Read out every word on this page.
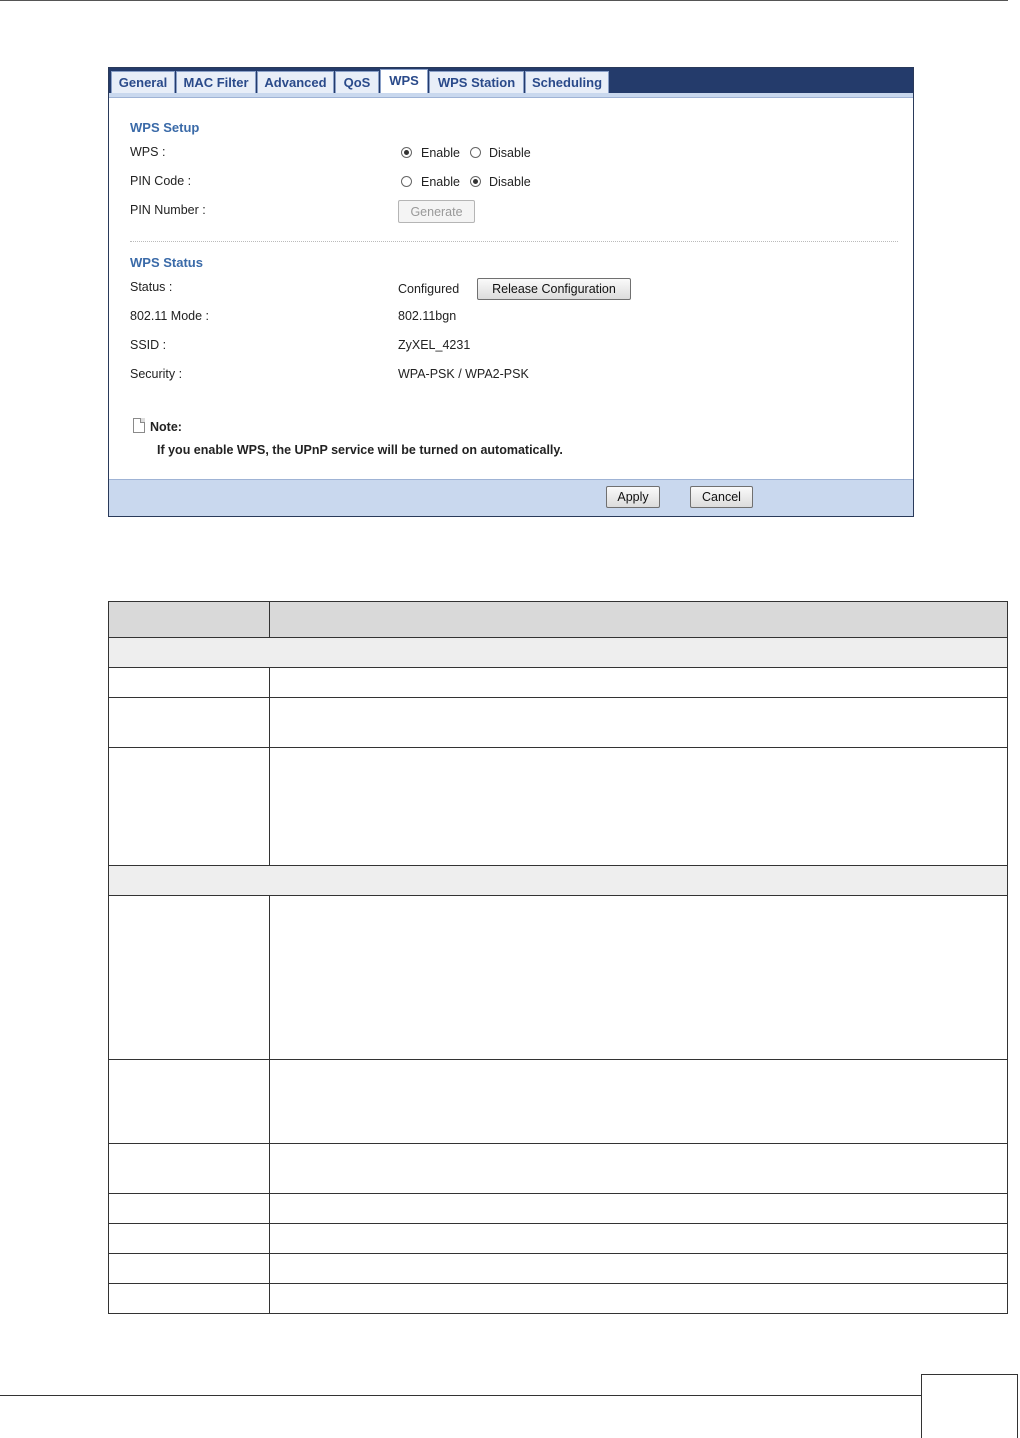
General	MAC Filter	Advanced	QoS	WPS	WPS Station	Scheduling
WPS Setup
WPS :	Enable Disable
PIN Code :	Enable Disable
PIN Number :	Generate
WPS Status
Status :	Configured	Release Configuration
802.11 Mode :	802.11bgn
SSID :	ZyXEL_4231
Security :	WPA-PSK / WPA2-PSK
Note:
If you enable WPS, the UPnP service will be turned on automatically.
Apply	Cancel
